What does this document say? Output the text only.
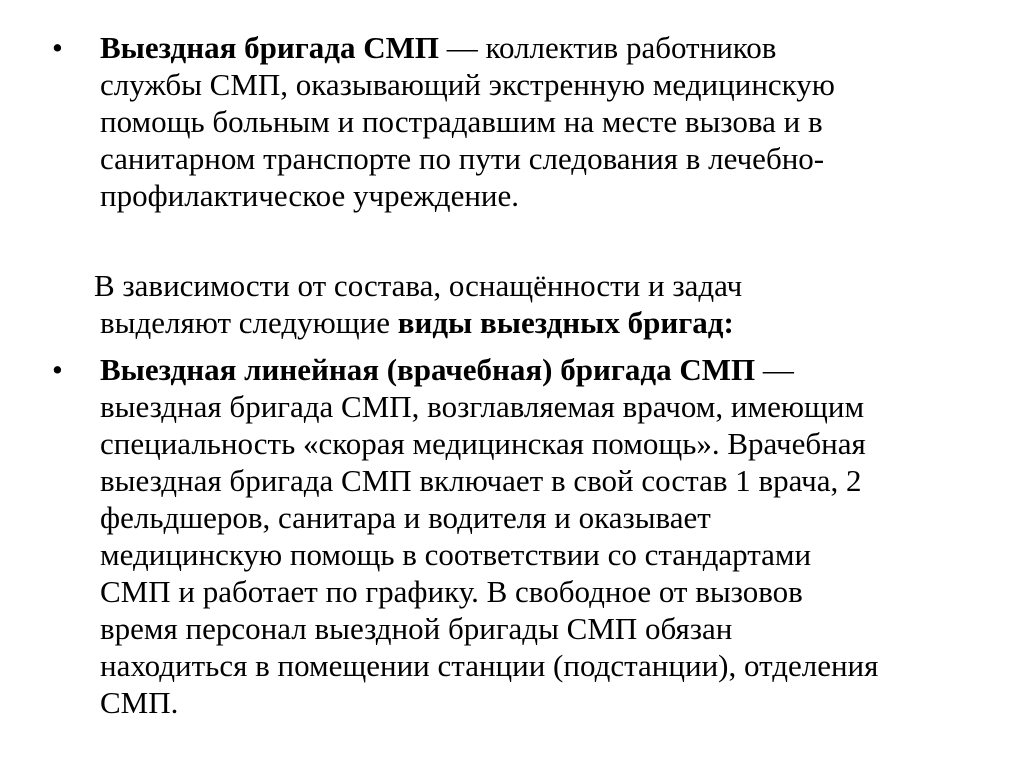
• Выездная бригада СМП — коллектив работников
службы СМП, оказывающий экстренную медицинскую
помощь больным и пострадавшим на месте вызова и в
санитарном транспорте по пути следования в лечебно-
профилактическое учреждение.
В зависимости от состава, оснащённости и задач
выделяют следующие виды выездных бригад:
• Выездная линейная (врачебная) бригада СМП —
выездная бригада СМП, возглавляемая врачом, имеющим
специальность «скорая медицинская помощь». Врачебная
выездная бригада СМП включает в свой состав 1 врача, 2
фельдшеров, санитара и водителя и оказывает
медицинскую помощь в соответствии со стандартами
СМП и работает по графику. В свободное от вызовов
время персонал выездной бригады СМП обязан
находиться в помещении станции (подстанции), отделения
СМП.
